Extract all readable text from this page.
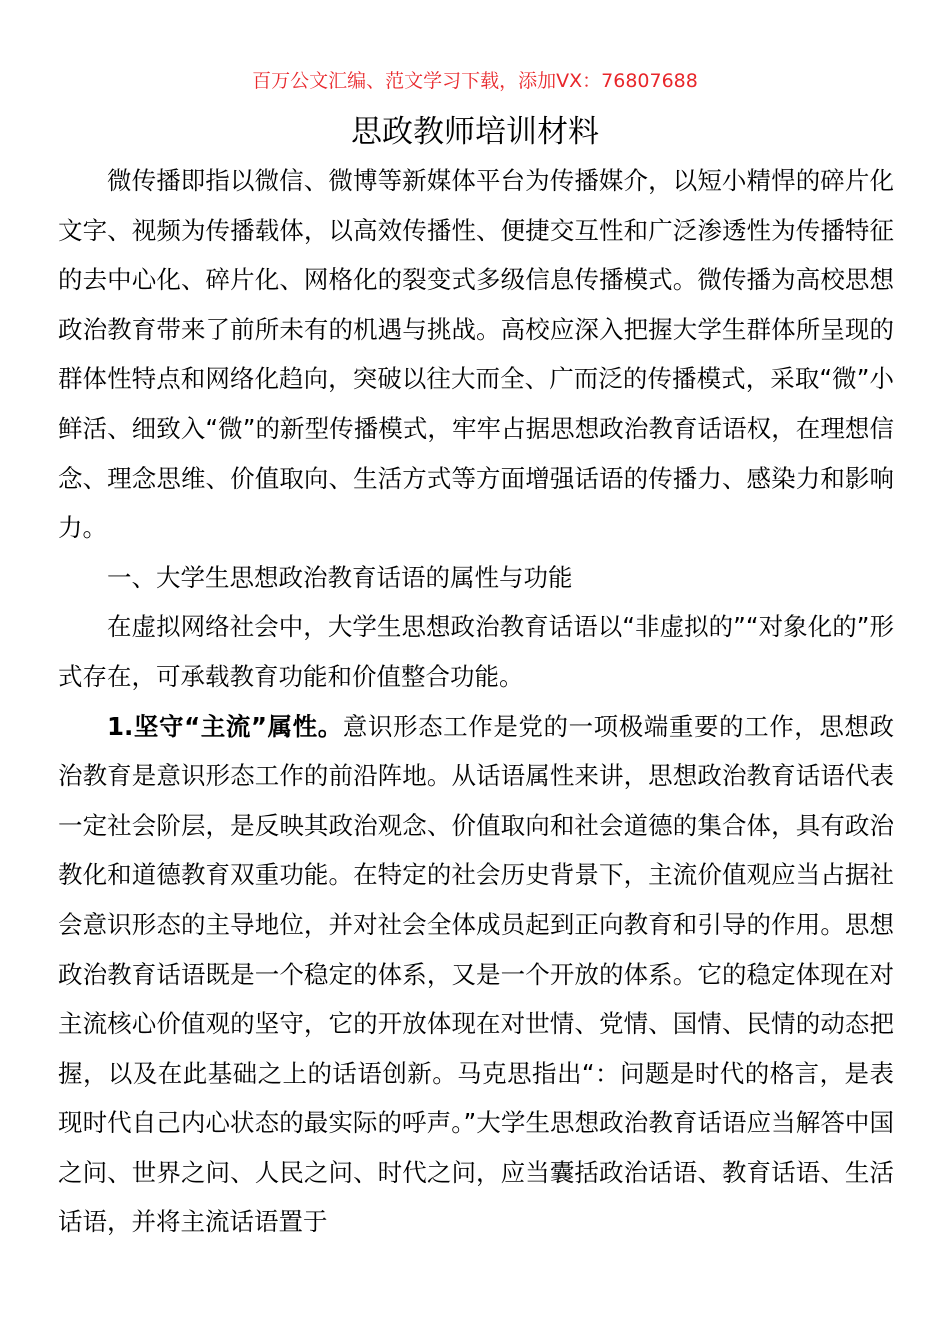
百万公文汇编、范文学习下载，添加VX：76807688
思政教师培训材料

微传播即指以微信、微博等新媒体平台为传播媒介，以短小精悍的碎片化文字、视频为传播载体，以高效传播性、便捷交互性和广泛渗透性为传播特征的去中心化、碎片化、网格化的裂变式多级信息传播模式。微传播为高校思想政治教育带来了前所未有的机遇与挑战。高校应深入把握大学生群体所呈现的群体性特点和网络化趋向，突破以往大而全、广而泛的传播模式，采取“微”小鲜活、细致入“微”的新型传播模式，牢牢占据思想政治教育话语权，在理想信念、理念思维、价值取向、生活方式等方面增强话语的传播力、感染力和影响力。

一、大学生思想政治教育话语的属性与功能

在虚拟网络社会中，大学生思想政治教育话语以“非虚拟的”“对象化的”形式存在，可承载教育功能和价值整合功能。

1.坚守“主流”属性。意识形态工作是党的一项极端重要的工作，思想政治教育是意识形态工作的前沿阵地。从话语属性来讲，思想政治教育话语代表一定社会阶层，是反映其政治观念、价值取向和社会道德的集合体，具有政治教化和道德教育双重功能。在特定的社会历史背景下，主流价值观应当占据社会意识形态的主导地位，并对社会全体成员起到正向教育和引导的作用。思想政治教育话语既是一个稳定的体系，又是一个开放的体系。它的稳定体现在对主流核心价值观的坚守，它的开放体现在对世情、党情、国情、民情的动态把握，以及在此基础之上的话语创新。马克思指出“：问题是时代的格言，是表现时代自己内心状态的最实际的呼声。”大学生思想政治教育话语应当解答中国之问、世界之问、人民之问、时代之问，应当囊括政治话语、教育话语、生活话语，并将主流话语置于
